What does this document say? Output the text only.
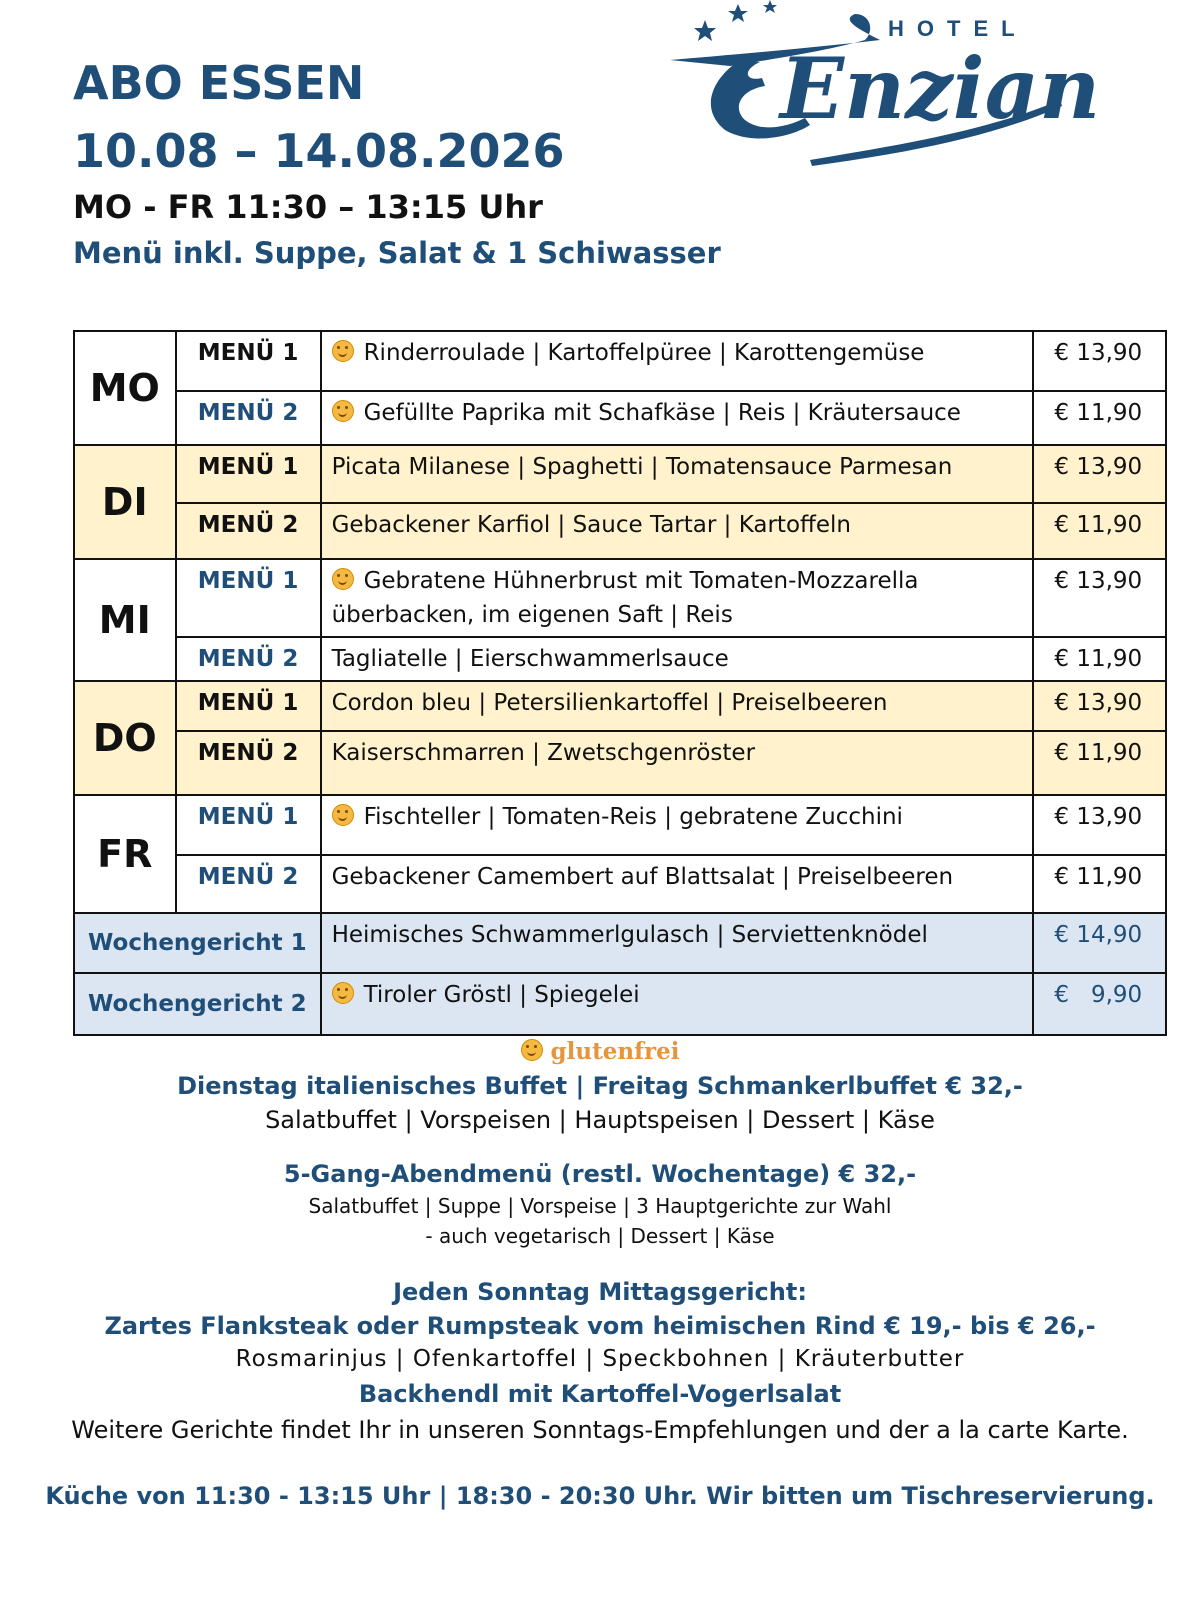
ABO ESSEN
10.08 – 14.08.2026
MO - FR 11:30 – 13:15 Uhr
Menü inkl. Suppe, Salat & 1 Schiwasser
HOTEL
Enzian
MO	MENÜ 1	Rinderroulade | Kartoffelpüree | Karottengemüse	€ 13,90
	MENÜ 2	Gefüllte Paprika mit Schafkäse | Reis | Kräutersauce	€ 11,90
DI	MENÜ 1	Picata Milanese | Spaghetti | Tomatensauce Parmesan	€ 13,90
	MENÜ 2	Gebackener Karfiol | Sauce Tartar | Kartoffeln	€ 11,90
MI	MENÜ 1	Gebratene Hühnerbrust mit Tomaten-Mozzarella überbacken, im eigenen Saft | Reis	€ 13,90
	MENÜ 2	Tagliatelle | Eierschwammerlsauce	€ 11,90
DO	MENÜ 1	Cordon bleu | Petersilienkartoffel | Preiselbeeren	€ 13,90
	MENÜ 2	Kaiserschmarren | Zwetschgenröster	€ 11,90
FR	MENÜ 1	Fischteller | Tomaten-Reis | gebratene Zucchini	€ 13,90
	MENÜ 2	Gebackener Camembert auf Blattsalat | Preiselbeeren	€ 11,90
Wochengericht 1		Heimisches Schwammerlgulasch | Serviettenknödel	€ 14,90
Wochengericht 2		Tiroler Gröstl | Spiegelei	€   9,90
glutenfrei
Dienstag italienisches Buffet | Freitag Schmankerlbuffet € 32,-
Salatbuffet | Vorspeisen | Hauptspeisen | Dessert | Käse
5-Gang-Abendmenü (restl. Wochentage) € 32,-
Salatbuffet | Suppe | Vorspeise | 3 Hauptgerichte zur Wahl
- auch vegetarisch | Dessert | Käse
Jeden Sonntag Mittagsgericht:
Zartes Flanksteak oder Rumpsteak vom heimischen Rind € 19,- bis € 26,-
Rosmarinjus | Ofenkartoffel | Speckbohnen | Kräuterbutter
Backhendl mit Kartoffel-Vogerlsalat
Weitere Gerichte findet Ihr in unseren Sonntags-Empfehlungen und der a la carte Karte.
Küche von 11:30 - 13:15 Uhr | 18:30 - 20:30 Uhr. Wir bitten um Tischreservierung.
